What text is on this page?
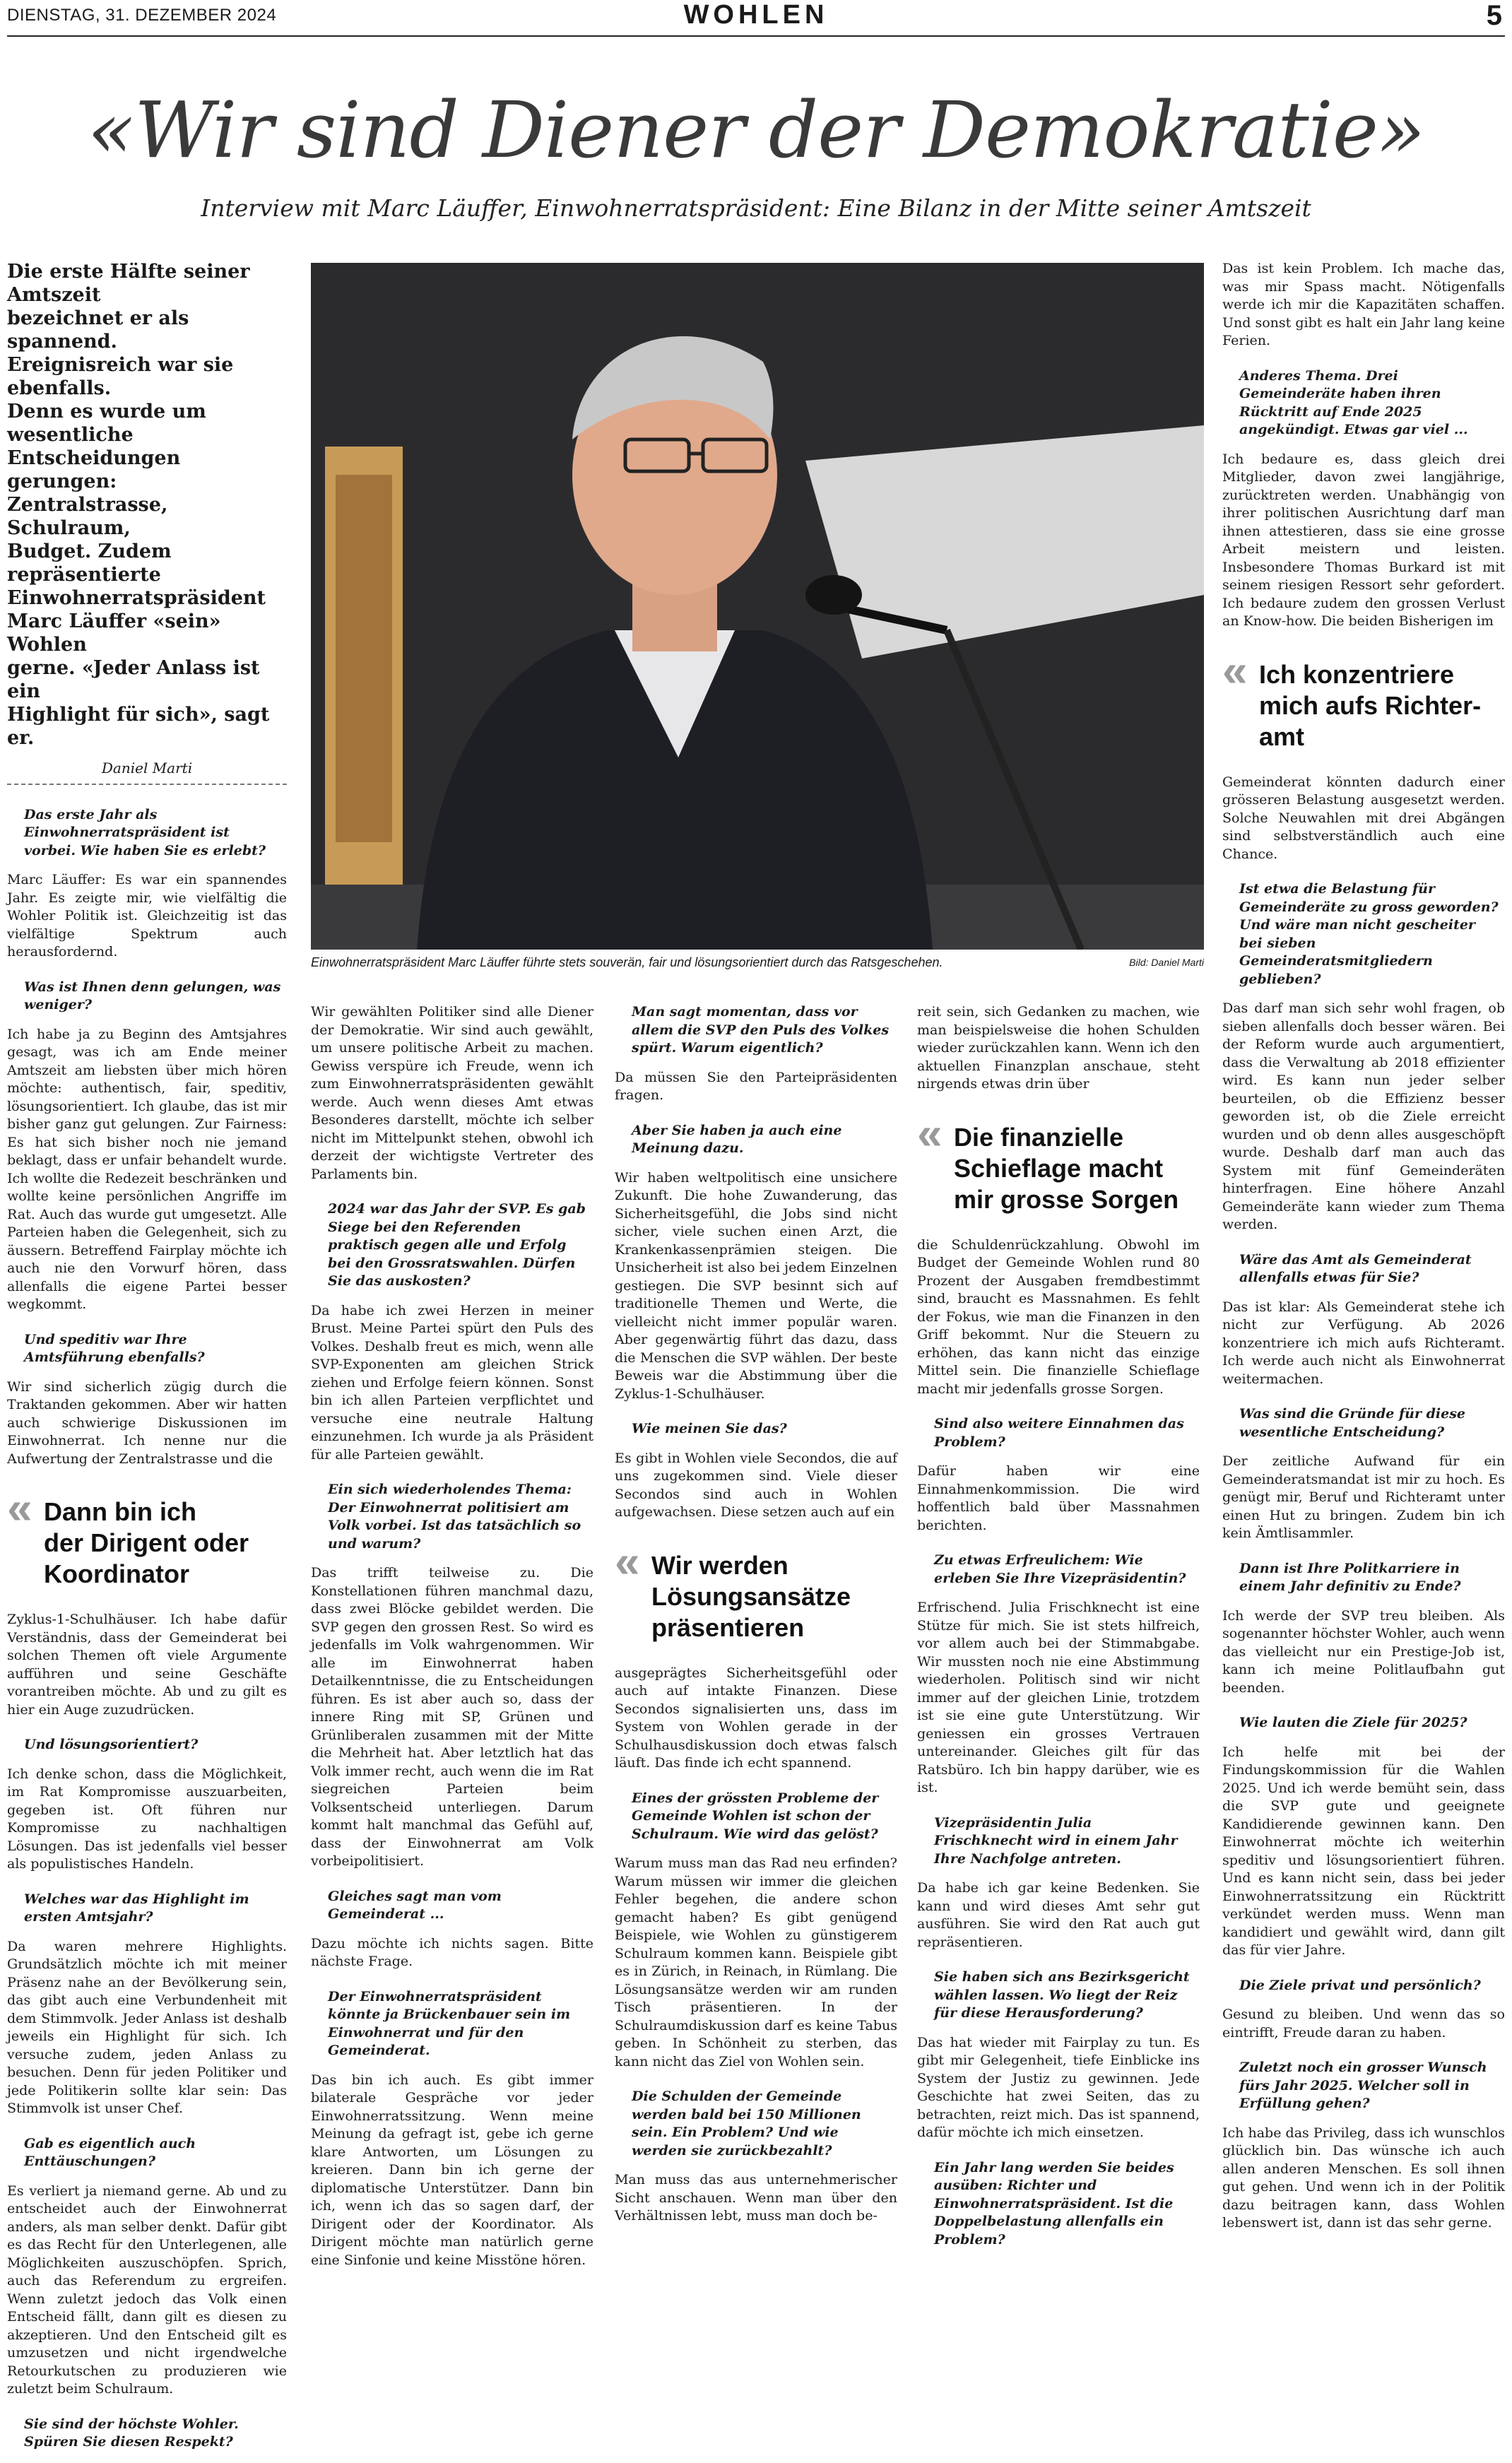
DIENSTAG, 31. DEZEMBER 2024	WOHLEN	5
«Wir sind Diener der Demokratie»
Interview mit Marc Läuffer, Einwohnerratspräsident: Eine Bilanz in der Mitte seiner Amtszeit
Die erste Hälfte seiner Amtszeit
bezeichnet er als spannend.
Ereignisreich war sie ebenfalls.
Denn es wurde um wesentliche
Entscheidungen gerungen:
Zentralstrasse, Schulraum,
Budget. Zudem repräsentierte
Einwohnerratspräsident
Marc Läuffer «sein» Wohlen
gerne. «Jeder Anlass ist ein
Highlight für sich», sagt er.
Daniel Marti

Das erste Jahr als Einwohnerratspräsident ist vorbei. Wie haben Sie es erlebt?

Marc Läuffer: Es war ein spannendes Jahr. Es zeigte mir, wie vielfältig die Wohler Politik ist. Gleichzeitig ist das vielfältige Spektrum auch herausfordernd.

Was ist Ihnen denn gelungen, was weniger?

Ich habe ja zu Beginn des Amtsjahres gesagt, was ich am Ende meiner Amtszeit am liebsten über mich hören möchte: authentisch, fair, speditiv, lösungsorientiert. Ich glaube, das ist mir bisher ganz gut gelungen. Zur Fairness: Es hat sich bisher noch nie jemand beklagt, dass er unfair behandelt wurde. Ich wollte die Redezeit beschränken und wollte keine persönlichen Angriffe im Rat. Auch das wurde gut umgesetzt. Alle Parteien haben die Gelegenheit, sich zu äussern. Betreffend Fairplay möchte ich auch nie den Vorwurf hören, dass allenfalls die eigene Partei besser wegkommt.

Und speditiv war Ihre Amtsführung ebenfalls?

Wir sind sicherlich zügig durch die Traktanden gekommen. Aber wir hatten auch schwierige Diskussionen im Einwohnerrat. Ich nenne nur die Aufwertung der Zentralstrasse und die

« Dann bin ich
der Dirigent oder
Koordinator

Zyklus-1-Schulhäuser. Ich habe dafür Verständnis, dass der Gemeinderat bei solchen Themen oft viele Argumente aufführen und seine Geschäfte vorantreiben möchte. Ab und zu gilt es hier ein Auge zuzudrücken.

Und lösungsorientiert?

Ich denke schon, dass die Möglichkeit, im Rat Kompromisse auszuarbeiten, gegeben ist. Oft führen nur Kompromisse zu nachhaltigen Lösungen. Das ist jedenfalls viel besser als populistisches Handeln.

Welches war das Highlight im ersten Amtsjahr?

Da waren mehrere Highlights. Grundsätzlich möchte ich mit meiner Präsenz nahe an der Bevölkerung sein, das gibt auch eine Verbundenheit mit dem Stimmvolk. Jeder Anlass ist deshalb jeweils ein Highlight für sich. Ich versuche zudem, jeden Anlass zu besuchen. Denn für jeden Politiker und jede Politikerin sollte klar sein: Das Stimmvolk ist unser Chef.

Gab es eigentlich auch Enttäuschungen?

Es verliert ja niemand gerne. Ab und zu entscheidet auch der Einwohnerrat anders, als man selber denkt. Dafür gibt es das Recht für den Unterlegenen, alle Möglichkeiten auszuschöpfen. Sprich, auch das Referendum zu ergreifen. Wenn zuletzt jedoch das Volk einen Entscheid fällt, dann gilt es diesen zu akzeptieren. Und den Entscheid gilt es umzusetzen und nicht irgendwelche Retourkutschen zu produzieren wie zuletzt beim Schulraum.

Sie sind der höchste Wohler. Spüren Sie diesen Respekt?

Einwohnerratspräsident Marc Läuffer führte stets souverän, fair und lösungsorientiert durch das Ratsgeschehen.	Bild: Daniel Marti

Wir gewählten Politiker sind alle Diener der Demokratie. Wir sind auch gewählt, um unsere politische Arbeit zu machen. Gewiss verspüre ich Freude, wenn ich zum Einwohnerratspräsidenten gewählt werde. Auch wenn dieses Amt etwas Besonderes darstellt, möchte ich selber nicht im Mittelpunkt stehen, obwohl ich derzeit der wichtigste Vertreter des Parlaments bin.

2024 war das Jahr der SVP. Es gab Siege bei den Referenden praktisch gegen alle und Erfolg bei den Grossratswahlen. Dürfen Sie das auskosten?

Da habe ich zwei Herzen in meiner Brust. Meine Partei spürt den Puls des Volkes. Deshalb freut es mich, wenn alle SVP-Exponenten am gleichen Strick ziehen und Erfolge feiern können. Sonst bin ich allen Parteien verpflichtet und versuche eine neutrale Haltung einzunehmen. Ich wurde ja als Präsident für alle Parteien gewählt.

Ein sich wiederholendes Thema: Der Einwohnerrat politisiert am Volk vorbei. Ist das tatsächlich so und warum?

Das trifft teilweise zu. Die Konstellationen führen manchmal dazu, dass zwei Blöcke gebildet werden. Die SVP gegen den grossen Rest. So wird es jedenfalls im Volk wahrgenommen. Wir alle im Einwohnerrat haben Detailkenntnisse, die zu Entscheidungen führen. Es ist aber auch so, dass der innere Ring mit SP, Grünen und Grünliberalen zusammen mit der Mitte die Mehrheit hat. Aber letztlich hat das Volk immer recht, auch wenn die im Rat siegreichen Parteien beim Volksentscheid unterliegen. Darum kommt halt manchmal das Gefühl auf, dass der Einwohnerrat am Volk vorbeipolitisiert.

Gleiches sagt man vom Gemeinderat ...

Dazu möchte ich nichts sagen. Bitte nächste Frage.

Der Einwohnerratspräsident könnte ja Brückenbauer sein im Einwohnerrat und für den Gemeinderat.

Das bin ich auch. Es gibt immer bilaterale Gespräche vor jeder Einwohnerratssitzung. Wenn meine Meinung da gefragt ist, gebe ich gerne klare Antworten, um Lösungen zu kreieren. Dann bin ich gerne der diplomatische Unterstützer. Dann bin ich, wenn ich das so sagen darf, der Dirigent oder der Koordinator. Als Dirigent möchte man natürlich gerne eine Sinfonie und keine Misstöne hören.

Man sagt momentan, dass vor allem die SVP den Puls des Volkes spürt. Warum eigentlich?

Da müssen Sie den Parteipräsidenten fragen.

Aber Sie haben ja auch eine Meinung dazu.

Wir haben weltpolitisch eine unsichere Zukunft. Die hohe Zuwanderung, das Sicherheitsgefühl, die Jobs sind nicht sicher, viele suchen einen Arzt, die Krankenkassenprämien steigen. Die Unsicherheit ist also bei jedem Einzelnen gestiegen. Die SVP besinnt sich auf traditionelle Themen und Werte, die vielleicht nicht immer populär waren. Aber gegenwärtig führt das dazu, dass die Menschen die SVP wählen. Der beste Beweis war die Abstimmung über die Zyklus-1-Schulhäuser.

Wie meinen Sie das?

Es gibt in Wohlen viele Secondos, die auf uns zugekommen sind. Viele dieser Secondos sind auch in Wohlen aufgewachsen. Diese setzen auch auf ein

« Wir werden
Lösungsansätze
präsentieren

ausgeprägtes Sicherheitsgefühl oder auch auf intakte Finanzen. Diese Secondos signalisierten uns, dass im System von Wohlen gerade in der Schulhausdiskussion doch etwas falsch läuft. Das finde ich echt spannend.

Eines der grössten Probleme der Gemeinde Wohlen ist schon der Schulraum. Wie wird das gelöst?

Warum muss man das Rad neu erfinden? Warum müssen wir immer die gleichen Fehler begehen, die andere schon gemacht haben? Es gibt genügend Beispiele, wie Wohlen zu günstigerem Schulraum kommen kann. Beispiele gibt es in Zürich, in Reinach, in Rümlang. Die Lösungsansätze werden wir am runden Tisch präsentieren. In der Schulraumdiskussion darf es keine Tabus geben. In Schönheit zu sterben, das kann nicht das Ziel von Wohlen sein.

Die Schulden der Gemeinde werden bald bei 150 Millionen sein. Ein Problem? Und wie werden sie zurückbezahlt?

Man muss das aus unternehmerischer Sicht anschauen. Wenn man über den Verhältnissen lebt, muss man doch be-

reit sein, sich Gedanken zu machen, wie man beispielsweise die hohen Schulden wieder zurückzahlen kann. Wenn ich den aktuellen Finanzplan anschaue, steht nirgends etwas drin über

« Die finanzielle
Schieflage macht
mir grosse Sorgen

die Schuldenrückzahlung. Obwohl im Budget der Gemeinde Wohlen rund 80 Prozent der Ausgaben fremdbestimmt sind, braucht es Massnahmen. Es fehlt der Fokus, wie man die Finanzen in den Griff bekommt. Nur die Steuern zu erhöhen, das kann nicht das einzige Mittel sein. Die finanzielle Schieflage macht mir jedenfalls grosse Sorgen.

Sind also weitere Einnahmen das Problem?

Dafür haben wir eine Einnahmenkommission. Die wird hoffentlich bald über Massnahmen berichten.

Zu etwas Erfreulichem: Wie erleben Sie Ihre Vizepräsidentin?

Erfrischend. Julia Frischknecht ist eine Stütze für mich. Sie ist stets hilfreich, vor allem auch bei der Stimmabgabe. Wir mussten noch nie eine Abstimmung wiederholen. Politisch sind wir nicht immer auf der gleichen Linie, trotzdem ist sie eine gute Unterstützung. Wir geniessen ein grosses Vertrauen untereinander. Gleiches gilt für das Ratsbüro. Ich bin happy darüber, wie es ist.

Vizepräsidentin Julia Frischknecht wird in einem Jahr Ihre Nachfolge antreten.

Da habe ich gar keine Bedenken. Sie kann und wird dieses Amt sehr gut ausführen. Sie wird den Rat auch gut repräsentieren.

Sie haben sich ans Bezirksgericht wählen lassen. Wo liegt der Reiz für diese Herausforderung?

Das hat wieder mit Fairplay zu tun. Es gibt mir Gelegenheit, tiefe Einblicke ins System der Justiz zu gewinnen. Jede Geschichte hat zwei Seiten, das zu betrachten, reizt mich. Das ist spannend, dafür möchte ich mich einsetzen.

Ein Jahr lang werden Sie beides ausüben: Richter und Einwohnerratspräsident. Ist die Doppelbelastung allenfalls ein Problem?

Das ist kein Problem. Ich mache das, was mir Spass macht. Nötigenfalls werde ich mir die Kapazitäten schaffen. Und sonst gibt es halt ein Jahr lang keine Ferien.

Anderes Thema. Drei Gemeinderäte haben ihren Rücktritt auf Ende 2025 angekündigt. Etwas gar viel ...

Ich bedaure es, dass gleich drei Mitglieder, davon zwei langjährige, zurücktreten werden. Unabhängig von ihrer politischen Ausrichtung darf man ihnen attestieren, dass sie eine grosse Arbeit meistern und leisten. Insbesondere Thomas Burkard ist mit seinem riesigen Ressort sehr gefordert. Ich bedaure zudem den grossen Verlust an Know-how. Die beiden Bisherigen im

« Ich konzentriere
mich aufs Richter-
amt

Gemeinderat könnten dadurch einer grösseren Belastung ausgesetzt werden. Solche Neuwahlen mit drei Abgängen sind selbstverständlich auch eine Chance.

Ist etwa die Belastung für Gemeinderäte zu gross geworden? Und wäre man nicht gescheiter bei sieben Gemeinderatsmitgliedern geblieben?

Das darf man sich sehr wohl fragen, ob sieben allenfalls doch besser wären. Bei der Reform wurde auch argumentiert, dass die Verwaltung ab 2018 effizienter wird. Es kann nun jeder selber beurteilen, ob die Effizienz besser geworden ist, ob die Ziele erreicht wurden und ob denn alles ausgeschöpft wurde. Deshalb darf man auch das System mit fünf Gemeinderäten hinterfragen. Eine höhere Anzahl Gemeinderäte kann wieder zum Thema werden.

Wäre das Amt als Gemeinderat allenfalls etwas für Sie?

Das ist klar: Als Gemeinderat stehe ich nicht zur Verfügung. Ab 2026 konzentriere ich mich aufs Richteramt. Ich werde auch nicht als Einwohnerrat weitermachen.

Was sind die Gründe für diese wesentliche Entscheidung?

Der zeitliche Aufwand für ein Gemeinderatsmandat ist mir zu hoch. Es genügt mir, Beruf und Richteramt unter einen Hut zu bringen. Zudem bin ich kein Ämtlisammler.

Dann ist Ihre Politkarriere in einem Jahr definitiv zu Ende?

Ich werde der SVP treu bleiben. Als sogenannter höchster Wohler, auch wenn das vielleicht nur ein Prestige-Job ist, kann ich meine Politlaufbahn gut beenden.

Wie lauten die Ziele für 2025?

Ich helfe mit bei der Findungskommission für die Wahlen 2025. Und ich werde bemüht sein, dass die SVP gute und geeignete Kandidierende gewinnen kann. Den Einwohnerrat möchte ich weiterhin speditiv und lösungsorientiert führen. Und es kann nicht sein, dass bei jeder Einwohnerratssitzung ein Rücktritt verkündet werden muss. Wenn man kandidiert und gewählt wird, dann gilt das für vier Jahre.

Die Ziele privat und persönlich?

Gesund zu bleiben. Und wenn das so eintrifft, Freude daran zu haben.

Zuletzt noch ein grosser Wunsch fürs Jahr 2025. Welcher soll in Erfüllung gehen?

Ich habe das Privileg, dass ich wunschlos glücklich bin. Das wünsche ich auch allen anderen Menschen. Es soll ihnen gut gehen. Und wenn ich in der Politik dazu beitragen kann, dass Wohlen lebenswert ist, dann ist das sehr gerne.
